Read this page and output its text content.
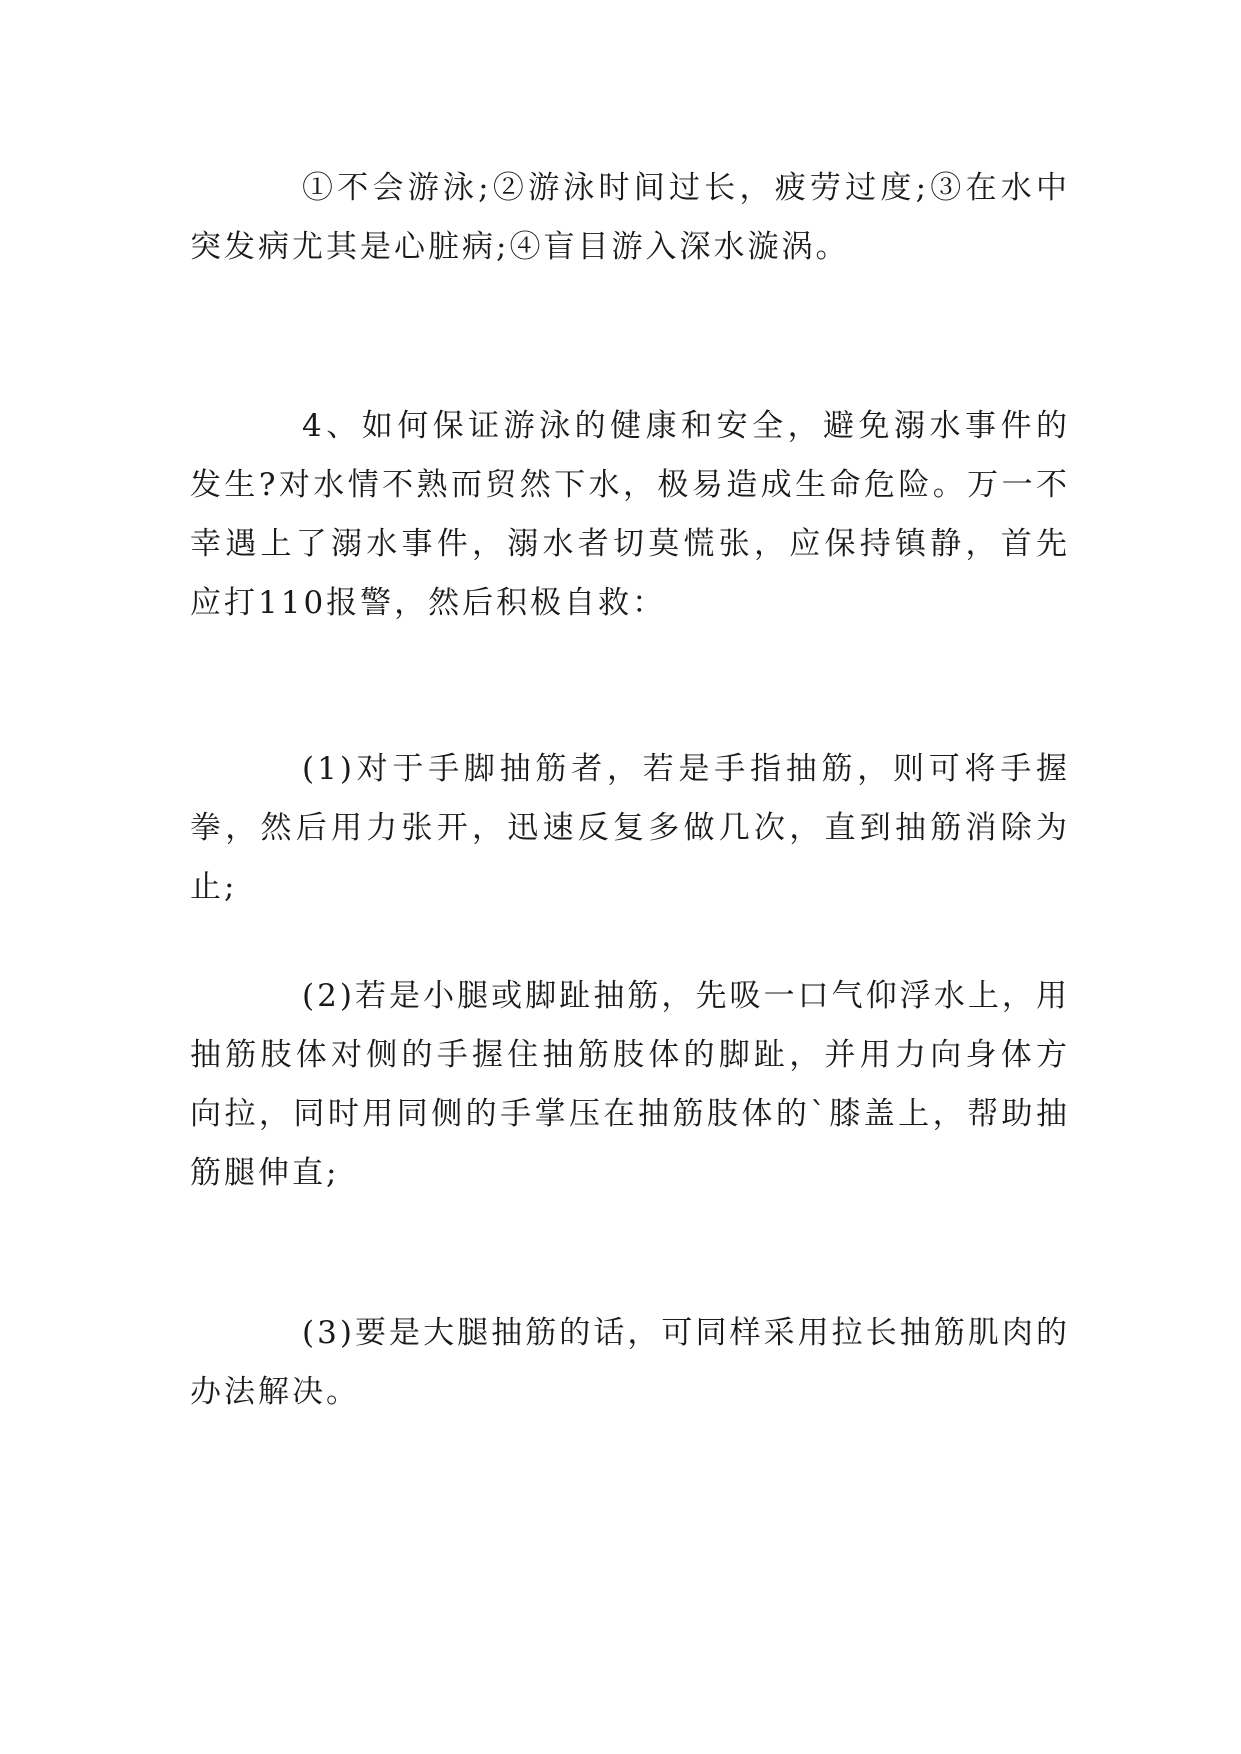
①不会游泳;②游泳时间过长，疲劳过度;③在水中突发病尤其是心脏病;④盲目游入深水漩涡。

4、如何保证游泳的健康和安全，避免溺水事件的发生?对水情不熟而贸然下水，极易造成生命危险。万一不幸遇上了溺水事件，溺水者切莫慌张，应保持镇静，首先应打110报警，然后积极自救：

(1)对于手脚抽筋者，若是手指抽筋，则可将手握拳，然后用力张开，迅速反复多做几次，直到抽筋消除为止;

(2)若是小腿或脚趾抽筋，先吸一口气仰浮水上，用抽筋肢体对侧的手握住抽筋肢体的脚趾，并用力向身体方向拉，同时用同侧的手掌压在抽筋肢体的`膝盖上，帮助抽筋腿伸直;

(3)要是大腿抽筋的话，可同样采用拉长抽筋肌肉的办法解决。
